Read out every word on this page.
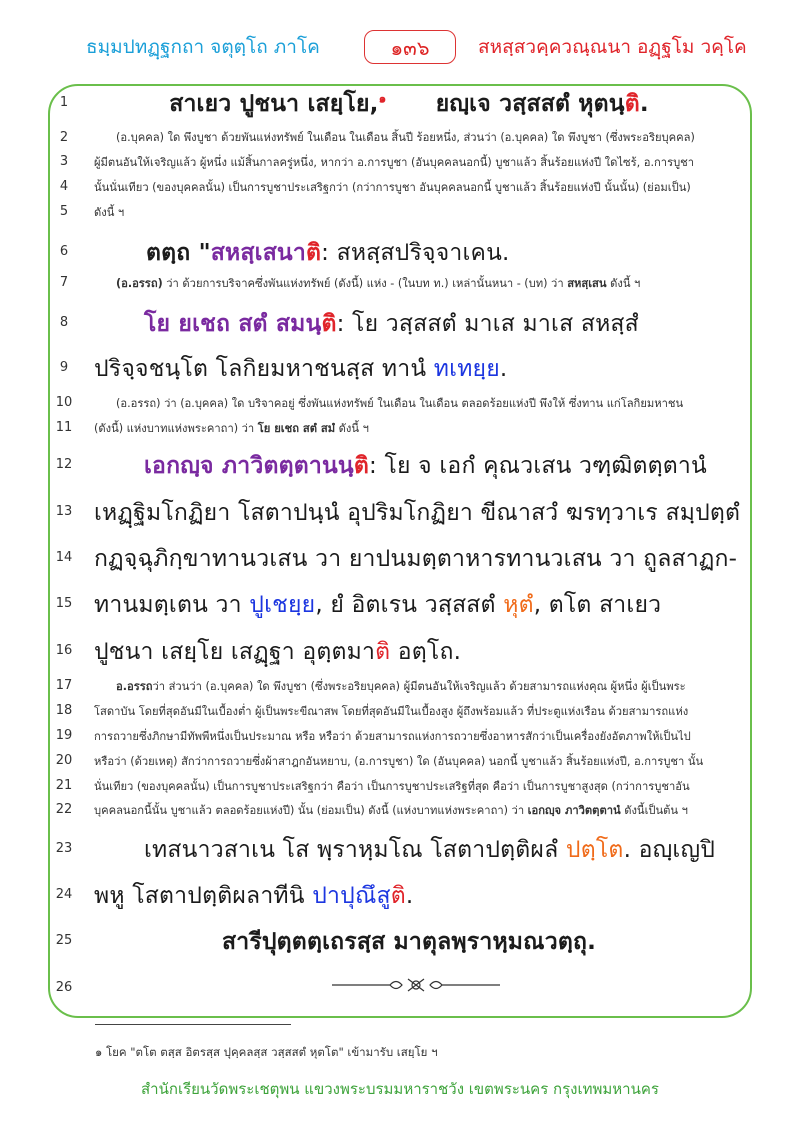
ธมฺมปทฏฺฐกถา จตุตฺโถ ภาโค	๑๓๖	สหสฺสวคฺควณฺณนา อฏฺฐโม วคฺโค
1
2
3
4
5
6
7
8
9
10
11
12
13
14
15
16
17
18
19
20
21
22
23
24
25
26
สาเยว ปูชนา เสยฺโย,$^๑$ ยญฺเจ วสฺสสตํ หุตนฺติ.
(อ.บุคคล) ใด พึงบูชา ด้วยพันแห่งทรัพย์ ในเดือน ในเดือน สิ้นปี ร้อยหนึ่ง, ส่วนว่า (อ.บุคคล) ใด พึงบูชา (ซึ่งพระอริยบุคคล)
ผู้มีตนอันให้เจริญแล้ว ผู้หนึ่ง แม้สิ้นกาลครู่หนึ่ง, หากว่า อ.การบูชา (อันบุคคลนอกนี้) บูชาแล้ว สิ้นร้อยแห่งปี ใดไซร้, อ.การบูชา
นั้นนั่นเทียว (ของบุคคลนั้น) เป็นการบูชาประเสริฐกว่า (กว่าการบูชา อันบุคคลนอกนี้ บูชาแล้ว สิ้นร้อยแห่งปี นั้นนั้น) (ย่อมเป็น)
ดังนี้ ฯ
ตตฺถ "สหสฺเสนาติ: สหสฺสปริจฺจาเคน.
(อ.อรรถ) ว่า ด้วยการบริจาคซึ่งพันแห่งทรัพย์ (ดังนี้) แห่ง - (ในบท ท.) เหล่านั้นหนา - (บท) ว่า สหสฺเสน ดังนี้ ฯ
โย ยเชถ สตํ สมนฺติ: โย วสฺสสตํ มาเส มาเส สหสฺสํ
ปริจฺจชนฺโต โลกิยมหาชนสฺส ทานํ ทเทยฺย.
(อ.อรรถ) ว่า (อ.บุคคล) ใด บริจาคอยู่ ซึ่งพันแห่งทรัพย์ ในเดือน ในเดือน ตลอดร้อยแห่งปี พึงให้ ซึ่งทาน แก่โลกิยมหาชน
(ดังนี้) แห่งบาทแห่งพระคาถา) ว่า โย ยเชถ สตํ สมํ ดังนี้ ฯ
เอกญฺจ ภาวิตตฺตานนฺติ: โย จ เอกํ คุณวเสน วฑฺฒิตตฺตานํ
เหฏฺฐิมโกฏิยา โสตาปนฺนํ อุปริมโกฏิยา ขีณาสวํ ฆรทฺวาเร สมฺปตฺตํ
กฏจฺฉุภิกฺขาทานวเสน วา ยาปนมตฺตาหารทานวเสน วา ถูลสาฏก-
ทานมตฺเตน วา ปูเชยฺย, ยํ อิตเรน วสฺสสตํ หุตํ, ตโต สาเยว
ปูชนา เสยฺโย เสฏฺฐา อุตฺตมาติ อตฺโถ.
อ.อรรถว่า ส่วนว่า (อ.บุคคล) ใด พึงบูชา (ซึ่งพระอริยบุคคล) ผู้มีตนอันให้เจริญแล้ว ด้วยสามารถแห่งคุณ ผู้หนึ่ง ผู้เป็นพระ
โสดาบัน โดยที่สุดอันมีในเบื้องต่ำ ผู้เป็นพระขีณาสพ โดยที่สุดอันมีในเบื้องสูง ผู้ถึงพร้อมแล้ว ที่ประตูแห่งเรือน ด้วยสามารถแห่ง
การถวายซึ่งภิกษามีทัพพีหนึ่งเป็นประมาณ หรือ หรือว่า ด้วยสามารถแห่งการถวายซึ่งอาหารสักว่าเป็นเครื่องยังอัตภาพให้เป็นไป
หรือว่า (ด้วยเหตุ) สักว่าการถวายซึ่งผ้าสาฎกอันหยาบ, (อ.การบูชา) ใด (อันบุคคล) นอกนี้ บูชาแล้ว สิ้นร้อยแห่งปี, อ.การบูชา นั้น
นั่นเทียว (ของบุคคลนั้น) เป็นการบูชาประเสริฐกว่า คือว่า เป็นการบูชาประเสริฐที่สุด คือว่า เป็นการบูชาสูงสุด (กว่าการบูชาอัน
บุคคลนอกนี้นั้น บูชาแล้ว ตลอดร้อยแห่งปี) นั้น (ย่อมเป็น) ดังนี้ (แห่งบาทแห่งพระคาถา) ว่า เอกญฺจ ภาวิตตฺตานํ ดังนี้เป็นต้น ฯ
เทสนาวสาเน โส พฺราหฺมโณ โสตาปตฺติผลํ ปตฺโต. อญฺเญปิ
พหู โสตาปตฺติผลาทีนิ ปาปุณึสูติ.
สารีปุตฺตตฺเถรสฺส มาตุลพฺราหฺมณวตฺถุ.
๑ โยค "ตโต ตสฺส อิตรสฺส ปุคฺคลสฺส วสฺสสตํ หุตโต" เข้ามารับ เสยฺโย ฯ
สำนักเรียนวัดพระเชตุพน แขวงพระบรมมหาราชวัง เขตพระนคร กรุงเทพมหานคร
